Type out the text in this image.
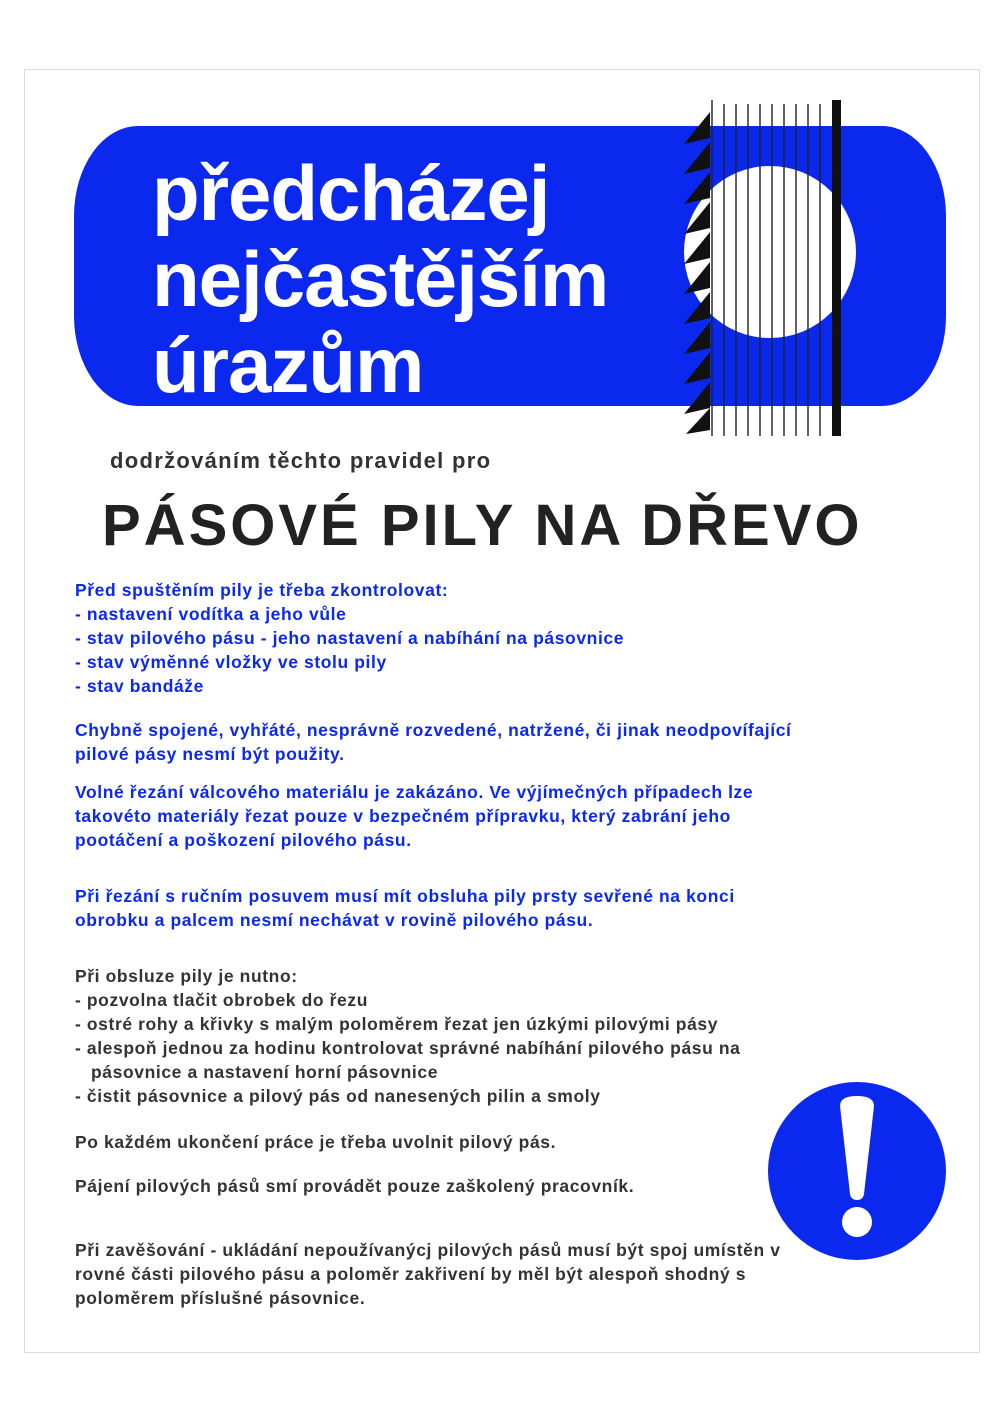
předcházej
nejčastějším
úrazům
dodržováním těchto pravidel pro
PÁSOVÉ PILY NA DŘEVO

Před spuštěním pily je třeba zkontrolovat:
- nastavení vodítka a jeho vůle
- stav pilového pásu - jeho nastavení a nabíhání na pásovnice
- stav výměnné vložky ve stolu pily
- stav bandáže

Chybně spojené, vyhřáté, nesprávně rozvedené, natržené, či jinak neodpovífající
pilové pásy nesmí být použity.

Volné řezání válcového materiálu je zakázáno. Ve výjímečných případech lze
takovéto materiály řezat pouze v bezpečném přípravku, který zabrání jeho
pootáčení a poškození pilového pásu.

Při řezání s ručním posuvem musí mít obsluha pily prsty sevřené na konci
obrobku a palcem nesmí nechávat v rovině pilového pásu.

Při obsluze pily je nutno:
- pozvolna tlačit obrobek do řezu
- ostré rohy a křivky s malým poloměrem řezat jen úzkými pilovými pásy
- alespoň jednou za hodinu kontrolovat správné nabíhání pilového pásu na
pásovnice a nastavení horní pásovnice
- čistit pásovnice a pilový pás od nanesených pilin a smoly

Po každém ukončení práce je třeba uvolnit pilový pás.

Pájení pilových pásů smí provádět pouze zaškolený pracovník.

Při zavěšování - ukládání nepoužívanýcj pilových pásů musí být spoj umístěn v
rovné části pilového pásu a poloměr zakřivení by měl být alespoň shodný s
poloměrem příslušné pásovnice.
